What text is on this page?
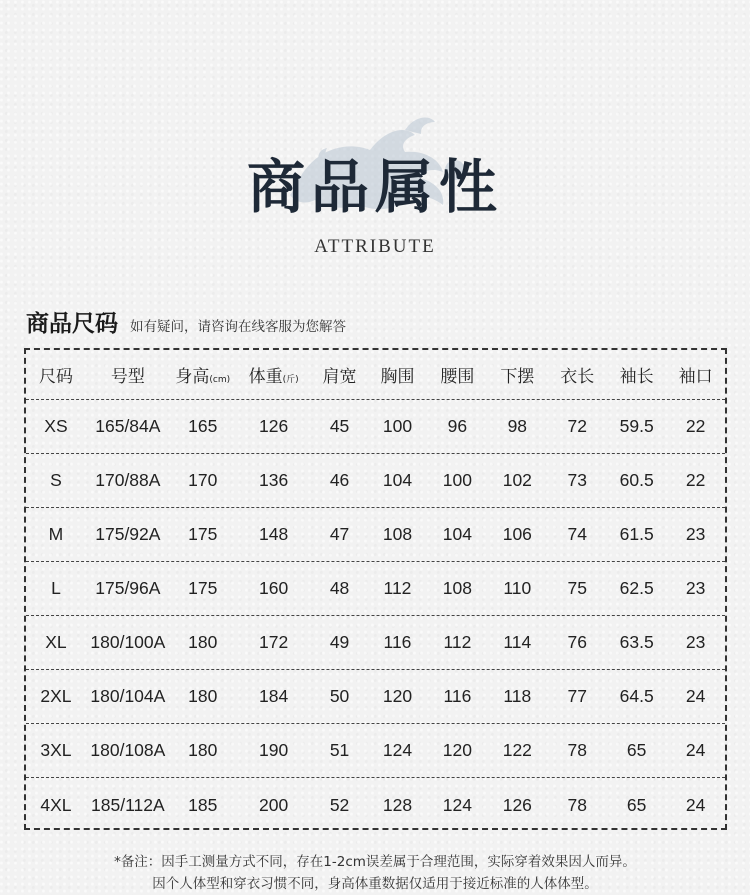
商品属性
ATTRIBUTE
商品尺码 如有疑问，请咨询在线客服为您解答
尺码	号型	身高(cm)	体重(斤)	肩宽	胸围	腰围	下摆	衣长	袖长	袖口
XS	165/84A	165	126	45	100	96	98	72	59.5	22
S	170/88A	170	136	46	104	100	102	73	60.5	22
M	175/92A	175	148	47	108	104	106	74	61.5	23
L	175/96A	175	160	48	112	108	110	75	62.5	23
XL	180/100A	180	172	49	116	112	114	76	63.5	23
2XL	180/104A	180	184	50	120	116	118	77	64.5	24
3XL	180/108A	180	190	51	124	120	122	78	65	24
4XL	185/112A	185	200	52	128	124	126	78	65	24
*备注：因手工测量方式不同，存在1-2cm误差属于合理范围，实际穿着效果因人而异。
因个人体型和穿衣习惯不同，身高体重数据仅适用于接近标准的人体体型。
